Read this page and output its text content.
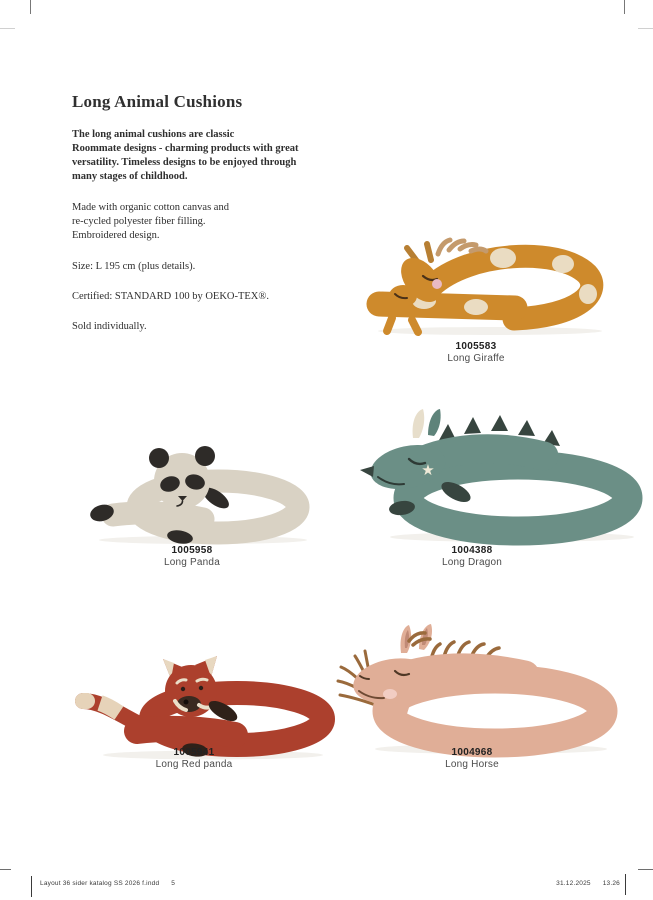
Long Animal Cushions

The long animal cushions are classic
Roommate designs - charming products with great
versatility. Timeless designs to be enjoyed through
many stages of childhood.

Made with organic cotton canvas and
re-cycled polyester fiber filling.
Embroidered design.

Size: L 195 cm (plus details).

Certified: STANDARD 100 by OEKO-TEX®.

Sold individually.

1005583
Long Giraffe
1005958
Long Panda
★
1004388
Long Dragon
1005941
Long Red panda
1004968
Long Horse
Layout 36 sider katalog SS 2026 f.indd 5	31.12.2025 13.26
